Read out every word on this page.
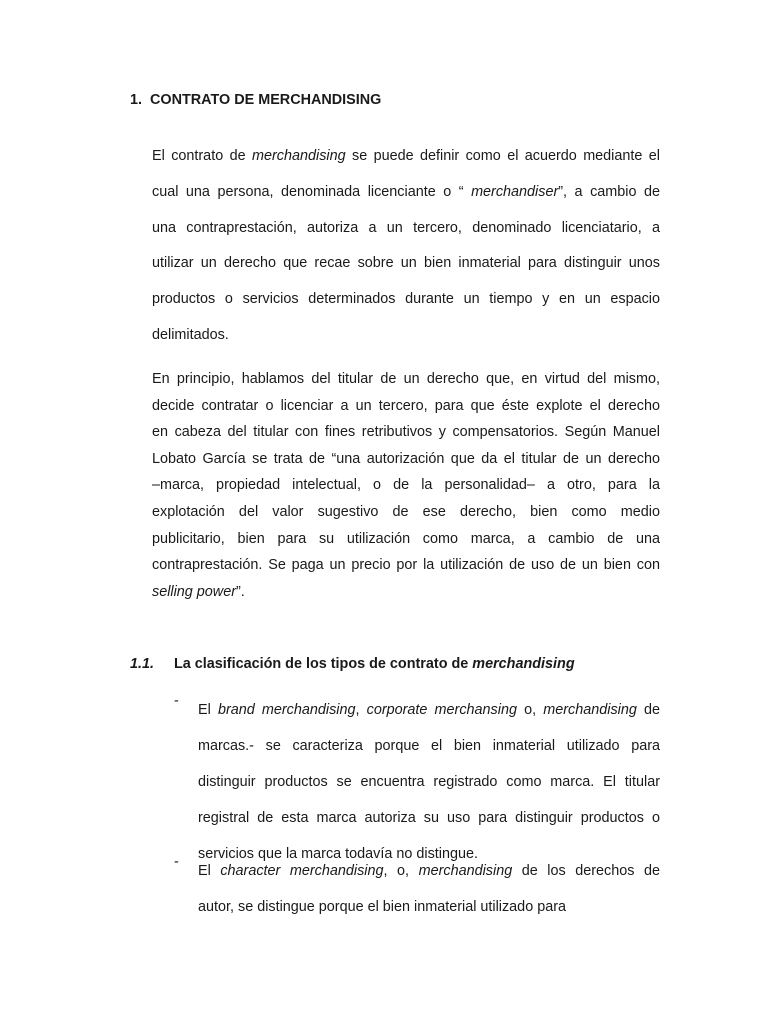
1. CONTRATO DE MERCHANDISING
El contrato de merchandising se puede definir como el acuerdo mediante el
cual una persona, denominada licenciante o “ merchandiser”, a cambio de
una contraprestación, autoriza a un tercero, denominado licenciatario, a
utilizar un derecho que recae sobre un bien inmaterial para distinguir unos
productos o servicios determinados durante un tiempo y en un espacio
delimitados.
En principio, hablamos del titular de un derecho que, en virtud del mismo,
decide contratar o licenciar a un tercero, para que éste explote el derecho
en cabeza del titular con fines retributivos y compensatorios. Según Manuel
Lobato García se trata de “una autorización que da el titular de un derecho
–marca, propiedad intelectual, o de la personalidad– a otro, para la
explotación del valor sugestivo de ese derecho, bien como medio
publicitario, bien para su utilización como marca, a cambio de una
contraprestación. Se paga un precio por la utilización de uso de un bien con
selling power”.
1.1. La clasificación de los tipos de contrato de merchandising
-
El brand merchandising, corporate merchansing o, merchandising de
marcas.- se caracteriza porque el bien inmaterial utilizado para
distinguir productos se encuentra registrado como marca. El titular
registral de esta marca autoriza su uso para distinguir productos o
servicios que la marca todavía no distingue.
-
El character merchandising, o, merchandising de los derechos de
autor, se distingue porque el bien inmaterial utilizado para
